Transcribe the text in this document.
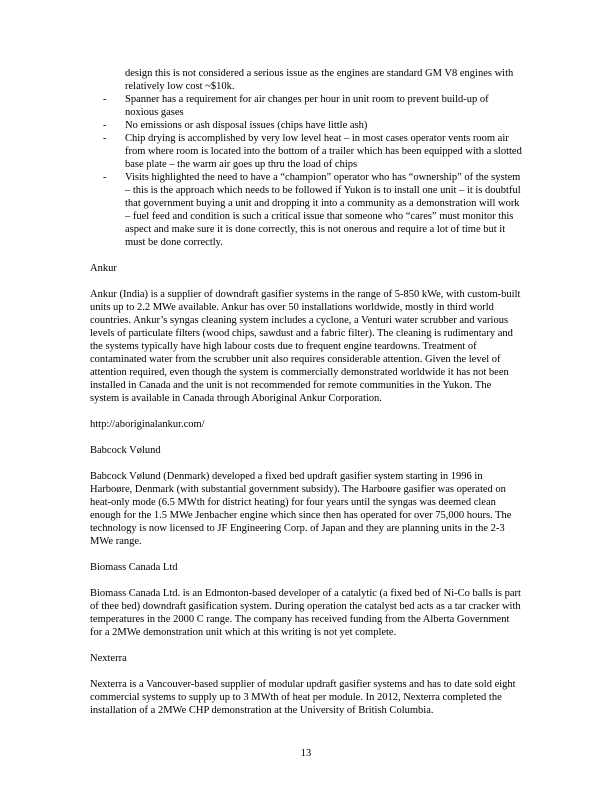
design this is not considered a serious issue as the engines are standard GM V8 engines with relatively low cost ~$10k.
-	Spanner has a requirement for air changes per hour in unit room to prevent build-up of noxious gases
-	No emissions or ash disposal issues (chips have little ash)
-	Chip drying is accomplished by very low level heat – in most cases operator vents room air from where room is located into the bottom of a trailer which has been equipped with a slotted base plate – the warm air goes up thru the load of chips
-	Visits highlighted the need to have a “champion” operator who has “ownership” of the system – this is the approach which needs to be followed if Yukon is to install one unit – it is doubtful that government buying a unit and dropping it into a community as a demonstration will work – fuel feed and condition is such a critical issue that someone who “cares” must monitor this aspect and make sure it is done correctly, this is not onerous and require a lot of time but it must be done correctly.
Ankur
Ankur (India) is a supplier of downdraft gasifier systems in the range of 5-850 kWe, with custom-built units up to 2.2 MWe available. Ankur has over 50 installations worldwide, mostly in third world countries. Ankur’s syngas cleaning system includes a cyclone, a Venturi water scrubber and various levels of particulate filters (wood chips, sawdust and a fabric filter). The cleaning is rudimentary and the systems typically have high labour costs due to frequent engine teardowns. Treatment of contaminated water from the scrubber unit also requires considerable attention. Given the level of attention required, even though the system is commercially demonstrated worldwide it has not been installed in Canada and the unit is not recommended for remote communities in the Yukon. The system is available in Canada through Aboriginal Ankur Corporation.
http://aboriginalankur.com/
Babcock Vølund
Babcock Vølund (Denmark) developed a fixed bed updraft gasifier system starting in 1996 in Harboøre, Denmark (with substantial government subsidy). The Harboøre gasifier was operated on heat-only mode (6.5 MWth for district heating) for four years until the syngas was deemed clean enough for the 1.5 MWe Jenbacher engine which since then has operated for over 75,000 hours. The technology is now licensed to JF Engineering Corp. of Japan and they are planning units in the 2-3 MWe range.
Biomass Canada Ltd
Biomass Canada Ltd. is an Edmonton-based developer of a catalytic (a fixed bed of Ni-Co balls is part of thee bed) downdraft gasification system. During operation the catalyst bed acts as a tar cracker with temperatures in the 2000 C range. The company has received funding from the Alberta Government for a 2MWe demonstration unit which at this writing is not yet complete.
Nexterra
Nexterra is a Vancouver-based supplier of modular updraft gasifier systems and has to date sold eight commercial systems to supply up to 3 MWth of heat per module. In 2012, Nexterra completed the installation of a 2MWe CHP demonstration at the University of British Columbia.
13
